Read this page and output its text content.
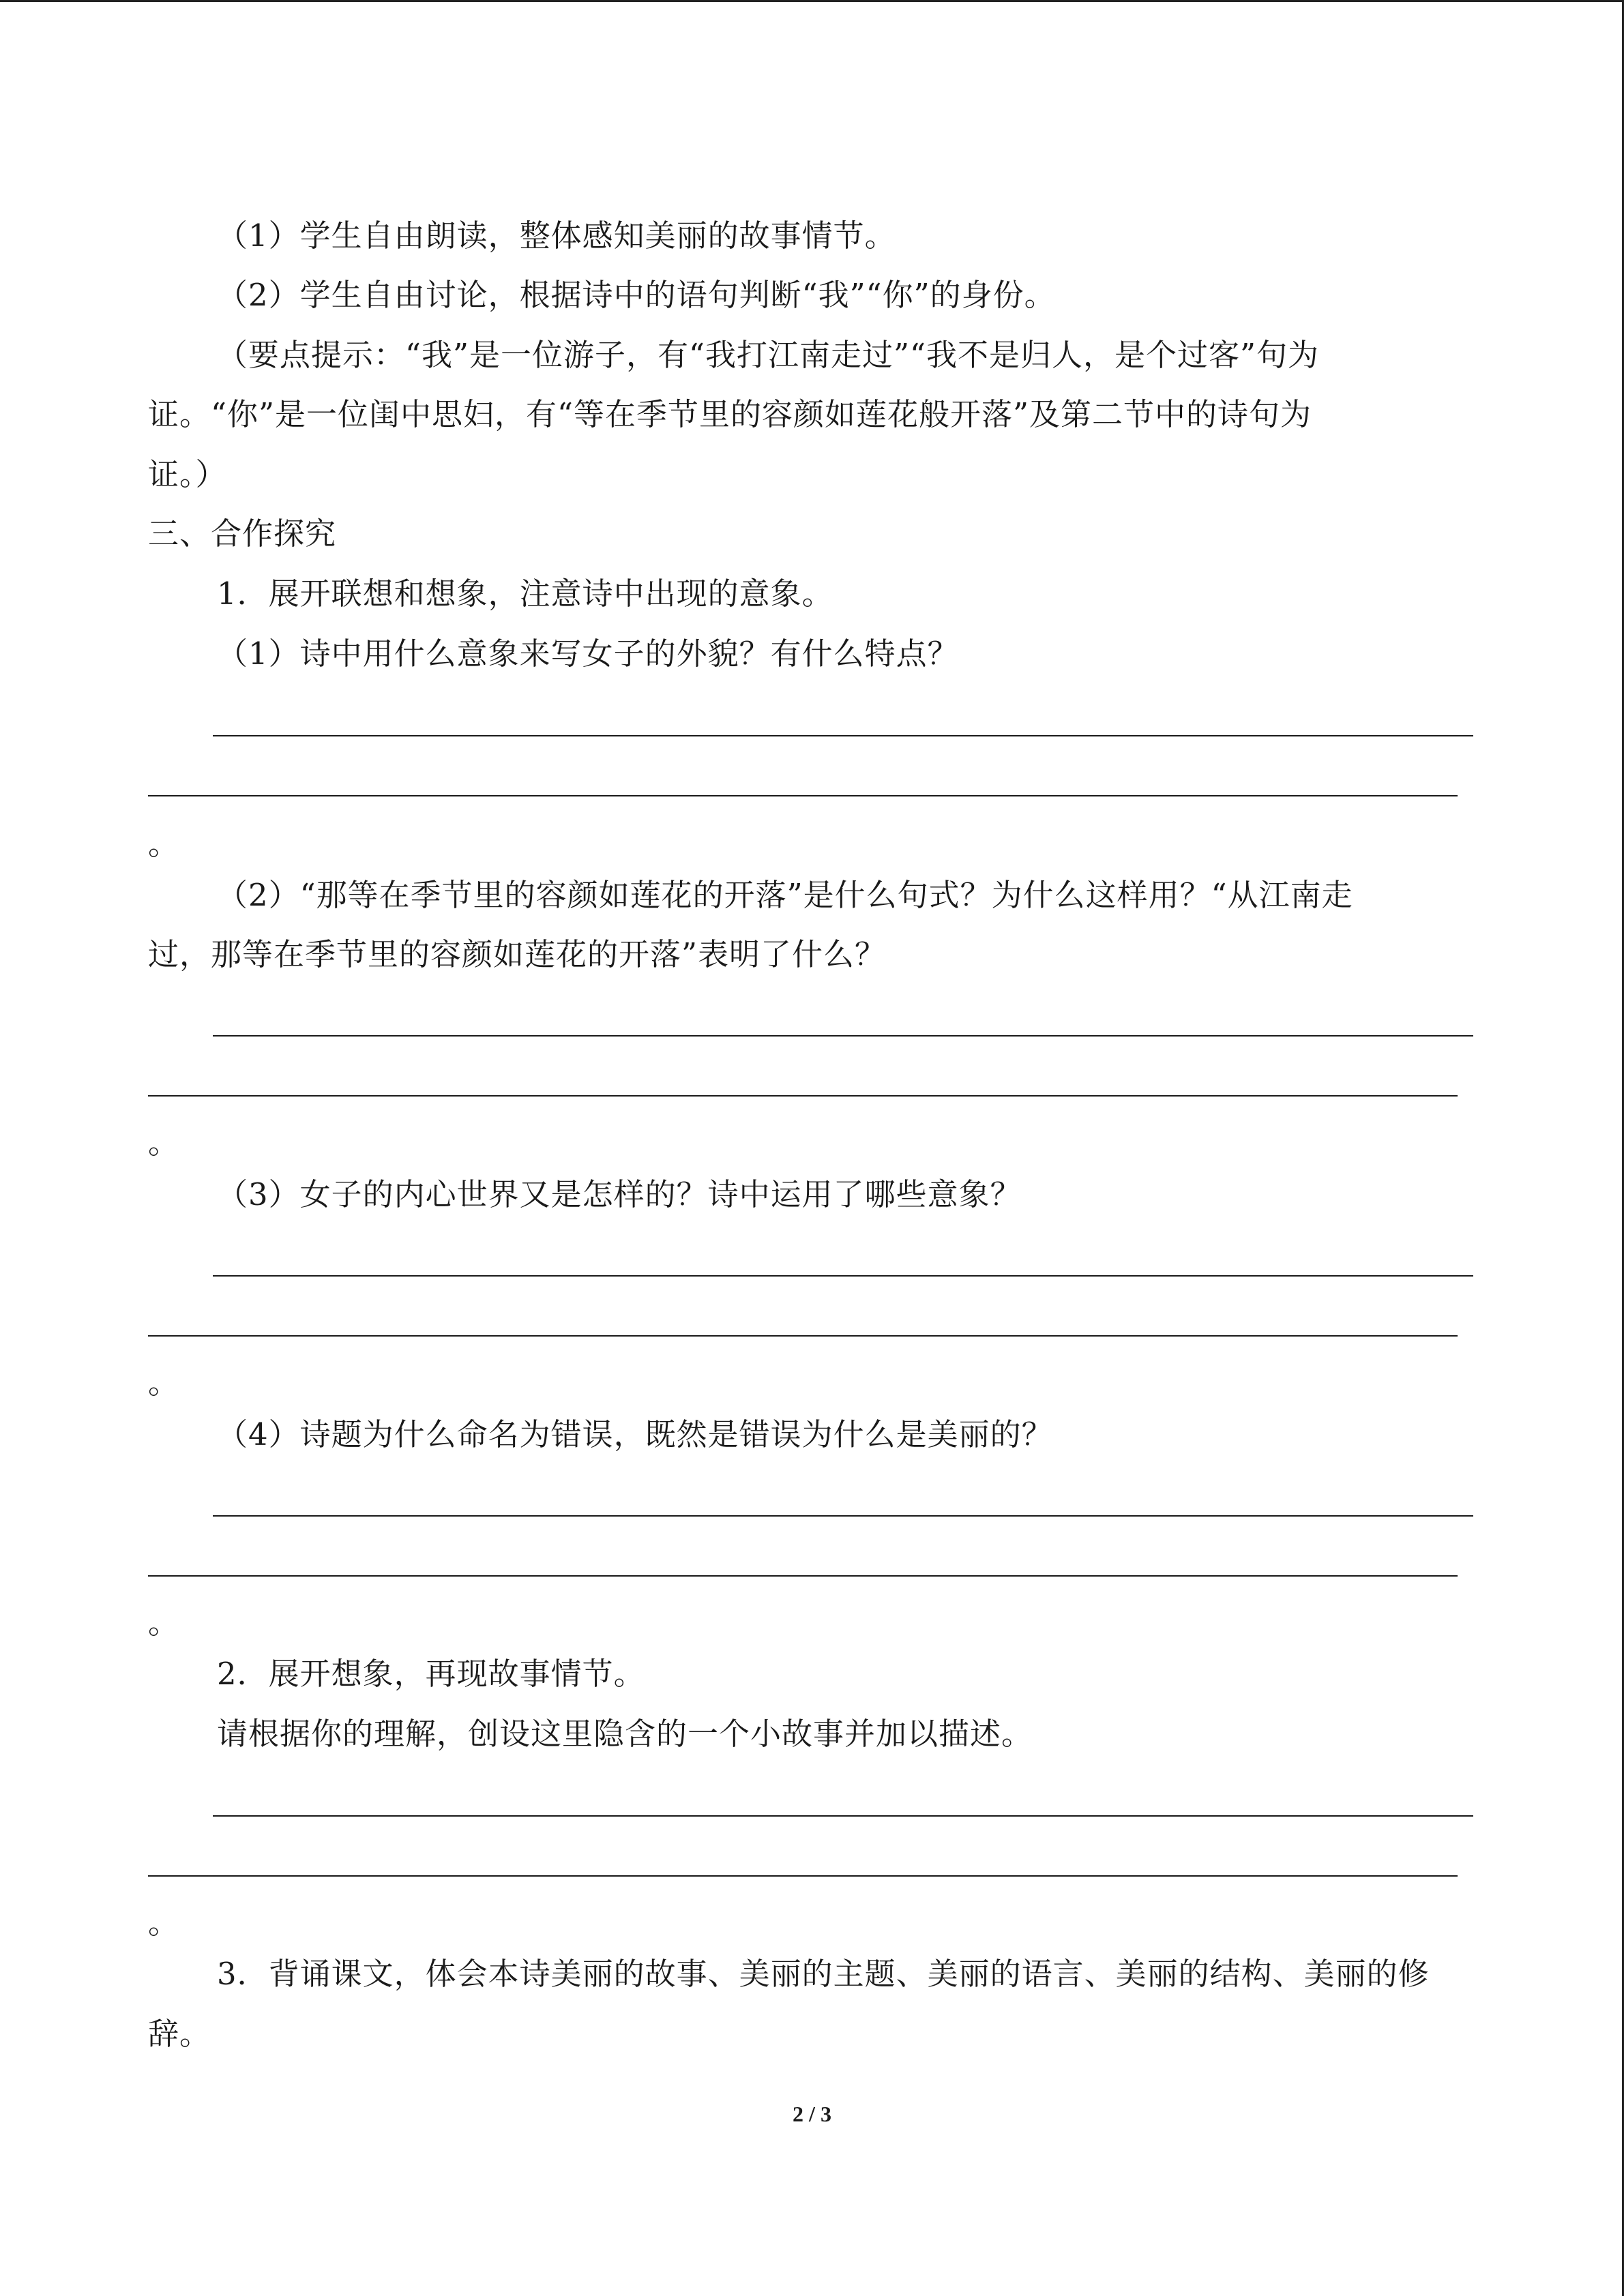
（1）学生自由朗读，整体感知美丽的故事情节。
（2）学生自由讨论，根据诗中的语句判断“我”“你”的身份。
（要点提示：“我”是一位游子，有“我打江南走过”“我不是归人，是个过客”句为
证。“你”是一位闺中思妇，有“等在季节里的容颜如莲花般开落”及第二节中的诗句为
证。）
三、合作探究
1．展开联想和想象，注意诗中出现的意象。
（1）诗中用什么意象来写女子的外貌？有什么特点？
。
（2）“那等在季节里的容颜如莲花的开落”是什么句式？为什么这样用？“从江南走
过，那等在季节里的容颜如莲花的开落”表明了什么？
。
（3）女子的内心世界又是怎样的？诗中运用了哪些意象？
。
（4）诗题为什么命名为错误，既然是错误为什么是美丽的？
。
2．展开想象，再现故事情节。
请根据你的理解，创设这里隐含的一个小故事并加以描述。
。
3．背诵课文，体会本诗美丽的故事、美丽的主题、美丽的语言、美丽的结构、美丽的修
辞。
2 / 3
